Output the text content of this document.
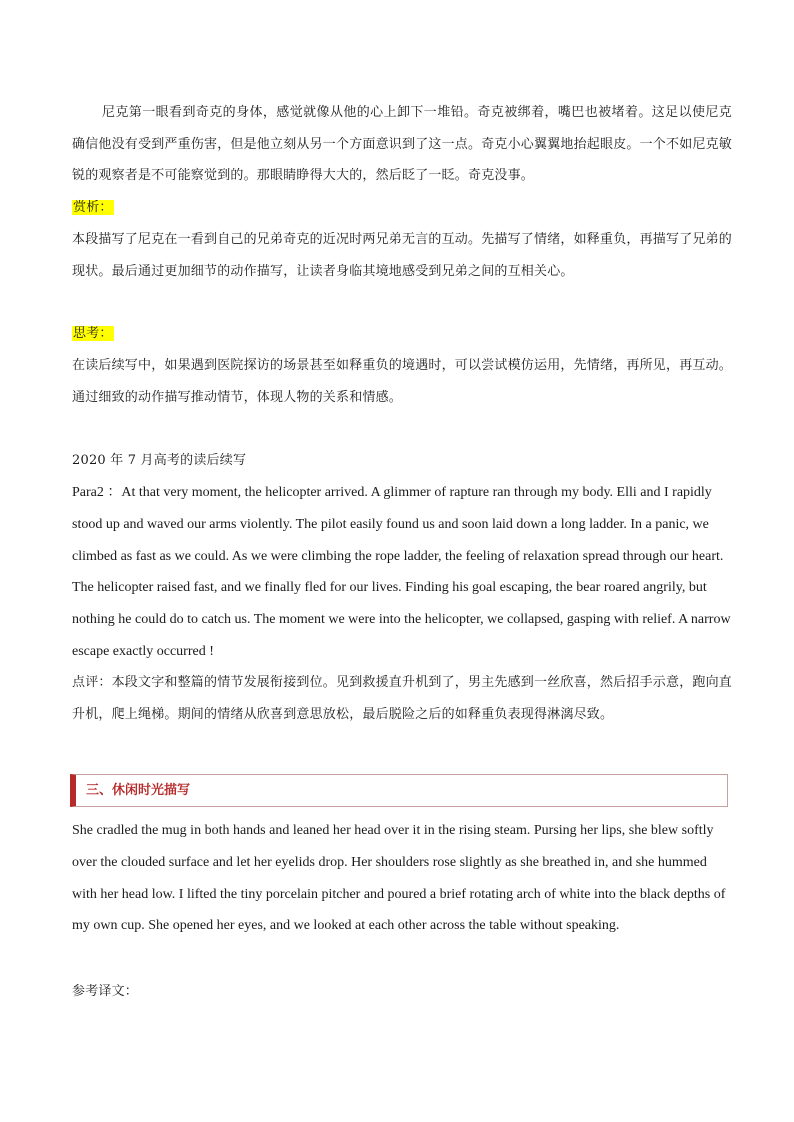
尼克第一眼看到奇克的身体，感觉就像从他的心上卸下一堆铅。奇克被绑着，嘴巴也被堵着。这足以使尼克确信他没有受到严重伤害，但是他立刻从另一个方面意识到了这一点。奇克小心翼翼地抬起眼皮。一个不如尼克敏锐的观察者是不可能察觉到的。那眼睛睁得大大的，然后眨了一眨。奇克没事。

赏析：

本段描写了尼克在一看到自己的兄弟奇克的近况时两兄弟无言的互动。先描写了情绪，如释重负，再描写了兄弟的现状。最后通过更加细节的动作描写，让读者身临其境地感受到兄弟之间的互相关心。

思考：

在读后续写中，如果遇到医院探访的场景甚至如释重负的境遇时，可以尝试模仿运用，先情绪，再所见，再互动。通过细致的动作描写推动情节，体现人物的关系和情感。

2020 年 7 月高考的读后续写

Para2 ：At that very moment, the helicopter arrived. A glimmer of rapture ran through my body. Elli and I rapidly stood up and waved our arms violently. The pilot easily found us and soon laid down a long ladder. In a panic, we climbed as fast as we could. As we were climbing the rope ladder, the feeling of relaxation spread through our heart. The helicopter raised fast, and we finally fled for our lives. Finding his goal escaping, the bear roared angrily, but nothing he could do to catch us. The moment we were into the helicopter, we collapsed, gasping with relief. A narrow escape exactly occurred !

点评：本段文字和整篇的情节发展衔接到位。见到救援直升机到了，男主先感到一丝欣喜，然后招手示意，跑向直升机，爬上绳梯。期间的情绪从欣喜到意思放松，最后脱险之后的如释重负表现得淋漓尽致。

三、休闲时光描写

She cradled the mug in both hands and leaned her head over it in the rising steam. Pursing her lips, she blew softly over the clouded surface and let her eyelids drop. Her shoulders rose slightly as she breathed in, and she hummed with her head low. I lifted the tiny porcelain pitcher and poured a brief rotating arch of white into the black depths of my own cup. She opened her eyes, and we looked at each other across the table without speaking.

参考译文：
